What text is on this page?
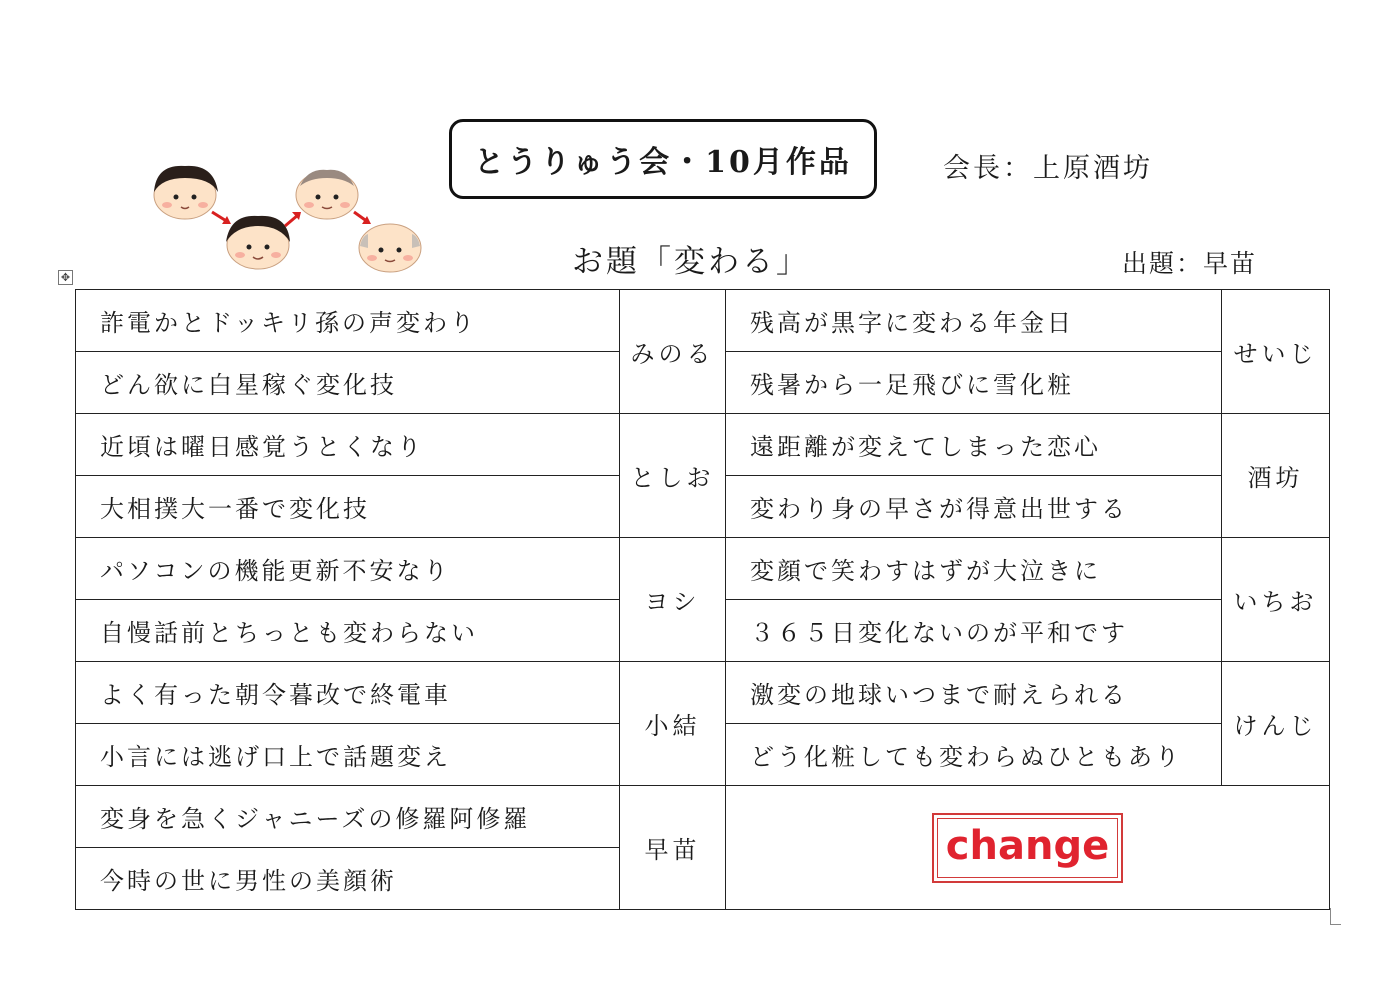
とうりゅう会・10月作品	会長：上原酒坊
お題「変わる」	出題：早苗
✥
詐電かとドッキリ孫の声変わり	みのる	残高が黒字に変わる年金日	せいじ
どん欲に白星稼ぐ変化技		残暑から一足飛びに雪化粧	
近頃は曜日感覚うとくなり	としお	遠距離が変えてしまった恋心	酒坊
大相撲大一番で変化技		変わり身の早さが得意出世する	
パソコンの機能更新不安なり	ヨシ	変顔で笑わすはずが大泣きに	いちお
自慢話前とちっとも変わらない		３６５日変化ないのが平和です	
よく有った朝令暮改で終電車	小結	激変の地球いつまで耐えられる	けんじ
小言には逃げ口上で話題変え		どう化粧しても変わらぬひともあり	
変身を急くジャニーズの修羅阿修羅	早苗	change	
今時の世に男性の美顔術			
